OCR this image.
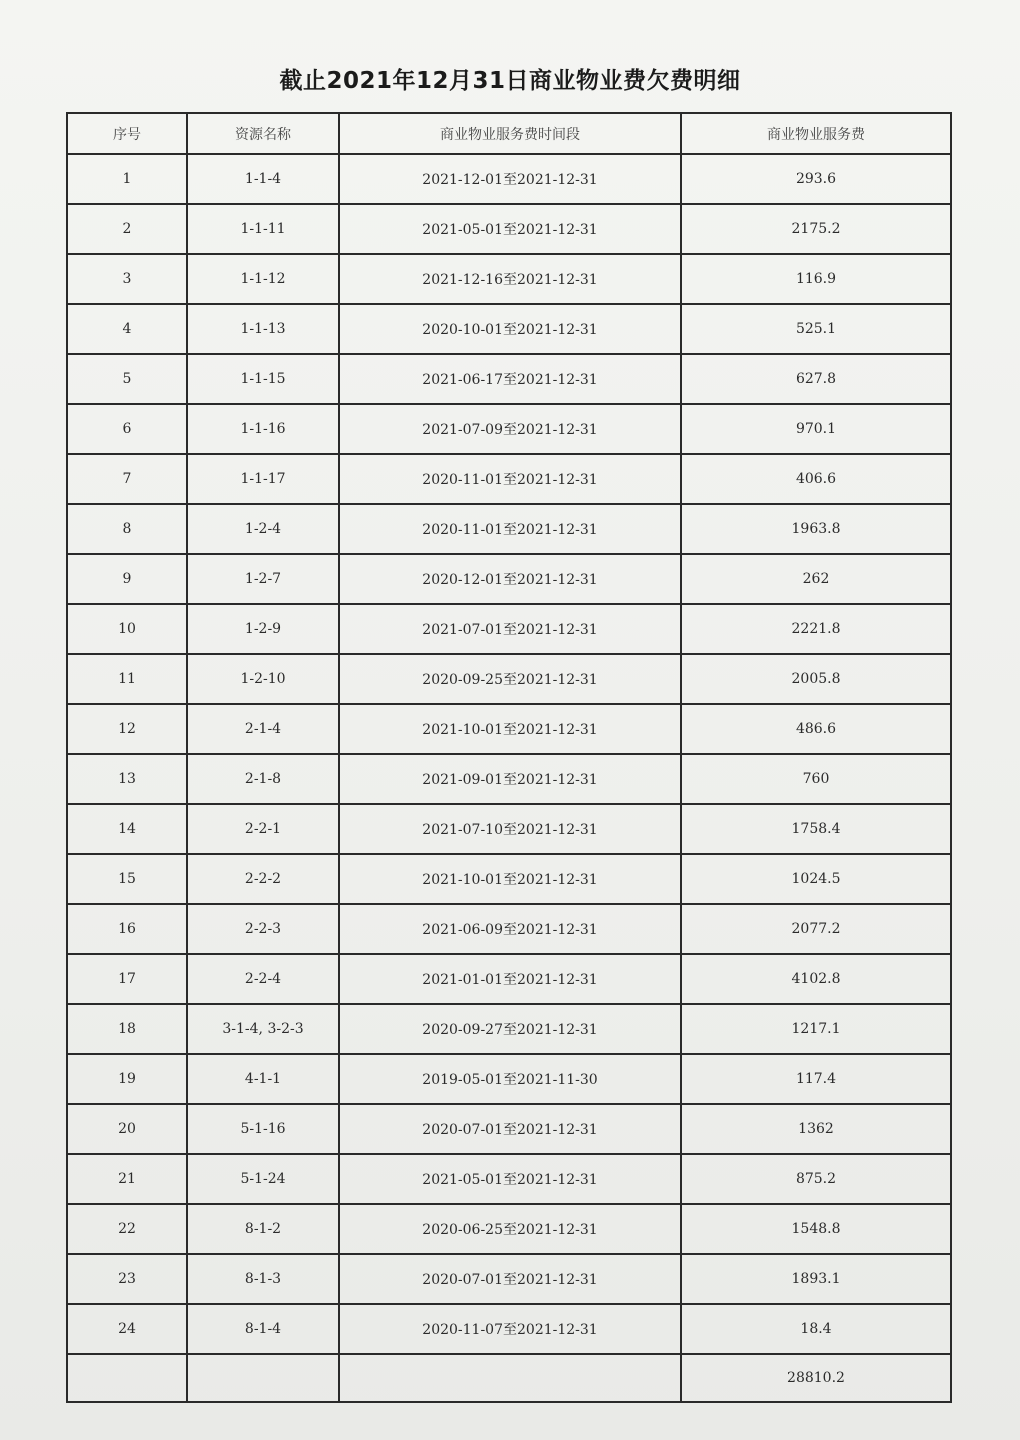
截止2021年12月31日商业物业费欠费明细
序号	资源名称	商业物业服务费时间段	商业物业服务费
1	1-1-4	2021-12-01至2021-12-31	293.6
2	1-1-11	2021-05-01至2021-12-31	2175.2
3	1-1-12	2021-12-16至2021-12-31	116.9
4	1-1-13	2020-10-01至2021-12-31	525.1
5	1-1-15	2021-06-17至2021-12-31	627.8
6	1-1-16	2021-07-09至2021-12-31	970.1
7	1-1-17	2020-11-01至2021-12-31	406.6
8	1-2-4	2020-11-01至2021-12-31	1963.8
9	1-2-7	2020-12-01至2021-12-31	262
10	1-2-9	2021-07-01至2021-12-31	2221.8
11	1-2-10	2020-09-25至2021-12-31	2005.8
12	2-1-4	2021-10-01至2021-12-31	486.6
13	2-1-8	2021-09-01至2021-12-31	760
14	2-2-1	2021-07-10至2021-12-31	1758.4
15	2-2-2	2021-10-01至2021-12-31	1024.5
16	2-2-3	2021-06-09至2021-12-31	2077.2
17	2-2-4	2021-01-01至2021-12-31	4102.8
18	3-1-4, 3-2-3	2020-09-27至2021-12-31	1217.1
19	4-1-1	2019-05-01至2021-11-30	117.4
20	5-1-16	2020-07-01至2021-12-31	1362
21	5-1-24	2021-05-01至2021-12-31	875.2
22	8-1-2	2020-06-25至2021-12-31	1548.8
23	8-1-3	2020-07-01至2021-12-31	1893.1
24	8-1-4	2020-11-07至2021-12-31	18.4
			28810.2
